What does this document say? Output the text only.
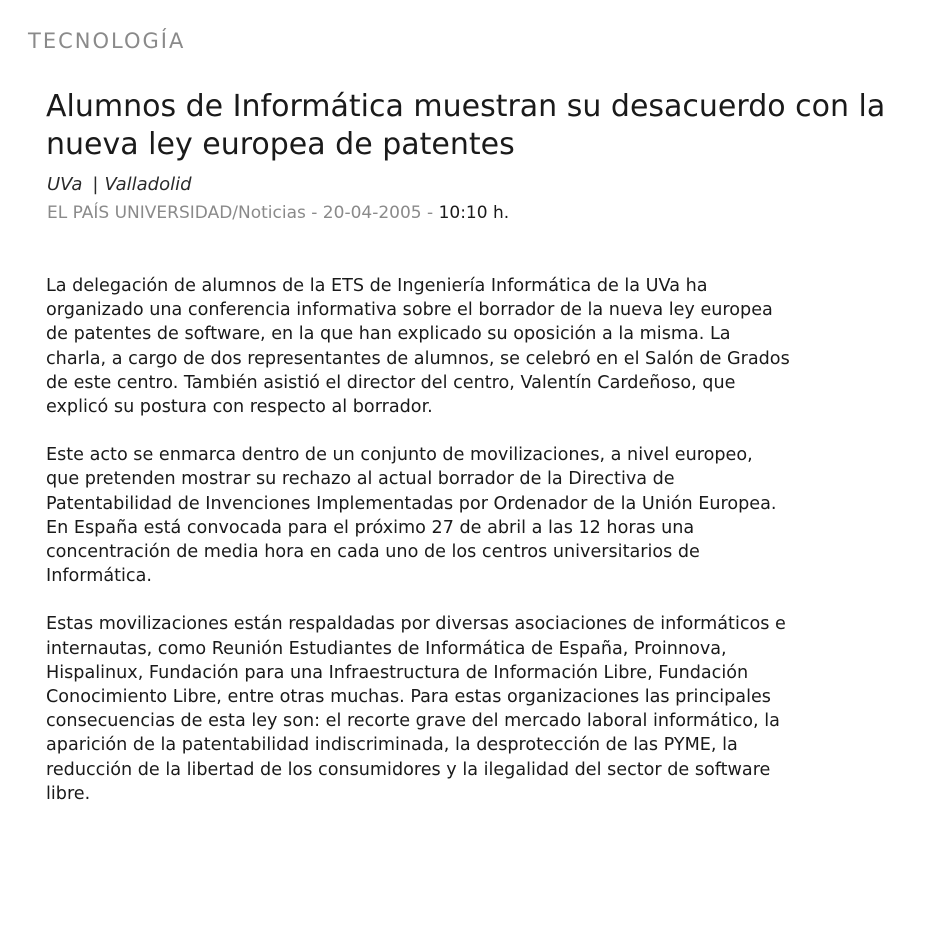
TECNOLOGÍA
Alumnos de Informática muestran su desacuerdo con la
nueva ley europea de patentes
UVa | Valladolid
EL PAÍS UNIVERSIDAD/Noticias - 20-04-2005 - 10:10 h.

La delegación de alumnos de la ETS de Ingeniería Informática de la UVa ha
organizado una conferencia informativa sobre el borrador de la nueva ley europea
de patentes de software, en la que han explicado su oposición a la misma. La
charla, a cargo de dos representantes de alumnos, se celebró en el Salón de Grados
de este centro. También asistió el director del centro, Valentín Cardeñoso, que
explicó su postura con respecto al borrador.

Este acto se enmarca dentro de un conjunto de movilizaciones, a nivel europeo,
que pretenden mostrar su rechazo al actual borrador de la Directiva de
Patentabilidad de Invenciones Implementadas por Ordenador de la Unión Europea.
En España está convocada para el próximo 27 de abril a las 12 horas una
concentración de media hora en cada uno de los centros universitarios de
Informática.

Estas movilizaciones están respaldadas por diversas asociaciones de informáticos e
internautas, como Reunión Estudiantes de Informática de España, Proinnova,
Hispalinux, Fundación para una Infraestructura de Información Libre, Fundación
Conocimiento Libre, entre otras muchas. Para estas organizaciones las principales
consecuencias de esta ley son: el recorte grave del mercado laboral informático, la
aparición de la patentabilidad indiscriminada, la desprotección de las PYME, la
reducción de la libertad de los consumidores y la ilegalidad del sector de software
libre.
